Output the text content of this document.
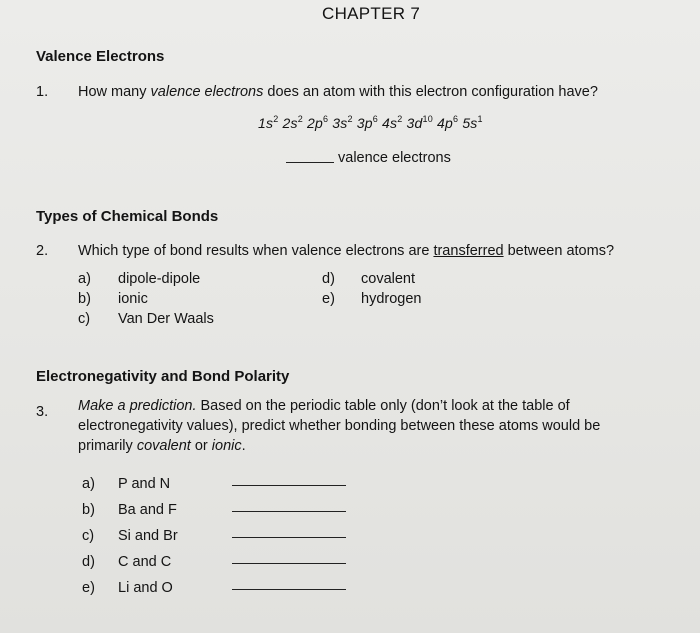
CHAPTER 7
Valence Electrons
1. How many valence electrons does an atom with this electron configuration have?
$1s^2$ $2s^2$ $2p^6$ $3s^2$ $3p^6$ $4s^2$ $3d^{10}$ $4p^6$ $5s^1$
valence electrons
Types of Chemical Bonds
2. Which type of bond results when valence electrons are transferred between atoms?
a) dipole-dipole
b) ionic
c) Van Der Waals
d) covalent
e) hydrogen
Electronegativity and Bond Polarity
3. Make a prediction. Based on the periodic table only (don’t look at the table of
electronegativity values), predict whether bonding between these atoms would be
primarily covalent or ionic.
a) P and N
b) Ba and F
c) Si and Br
d) C and C
e) Li and O
